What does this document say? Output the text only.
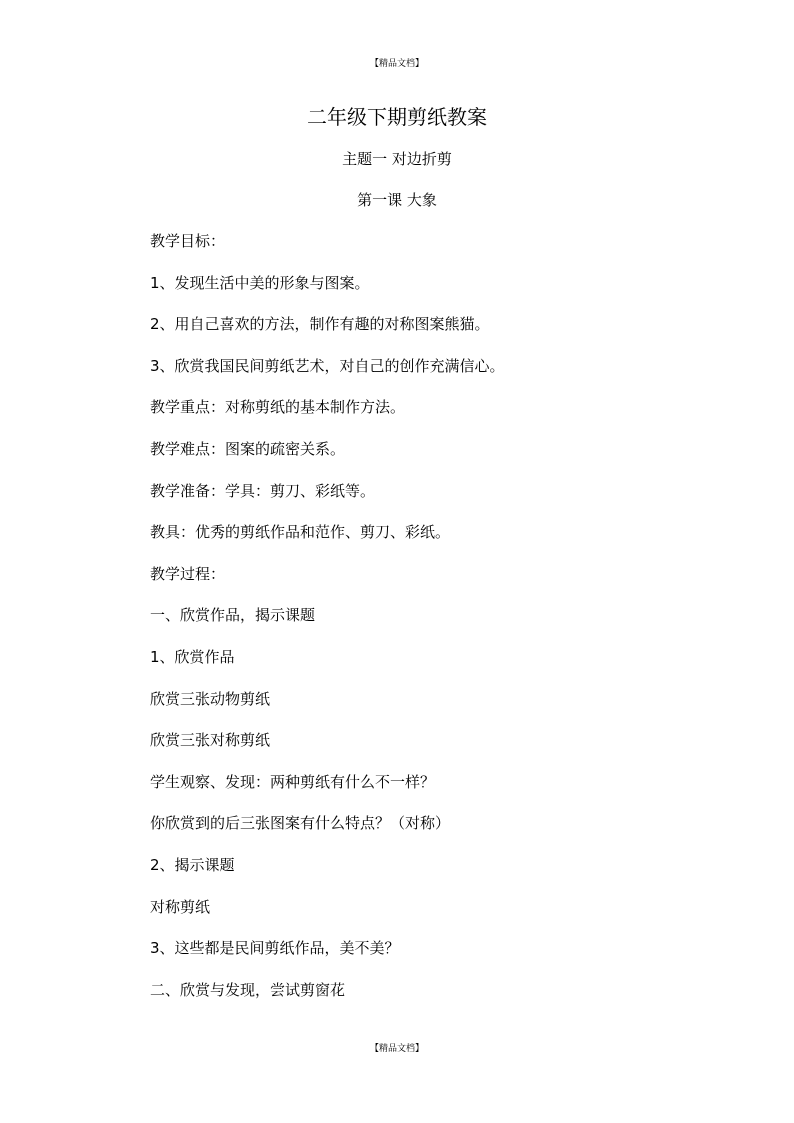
【精品文档】
二年级下期剪纸教案
主题一 对边折剪
第一课 大象
教学目标：
1、发现生活中美的形象与图案。
2、用自己喜欢的方法，制作有趣的对称图案熊猫。
3、欣赏我国民间剪纸艺术，对自己的创作充满信心。
教学重点：对称剪纸的基本制作方法。
教学难点：图案的疏密关系。
教学准备：学具：剪刀、彩纸等。
教具：优秀的剪纸作品和范作、剪刀、彩纸。
教学过程：
一、欣赏作品，揭示课题
1、欣赏作品
欣赏三张动物剪纸
欣赏三张对称剪纸
学生观察、发现：两种剪纸有什么不一样？
你欣赏到的后三张图案有什么特点？（对称）
2、揭示课题
对称剪纸
3、这些都是民间剪纸作品，美不美？
二、欣赏与发现，尝试剪窗花
【精品文档】
